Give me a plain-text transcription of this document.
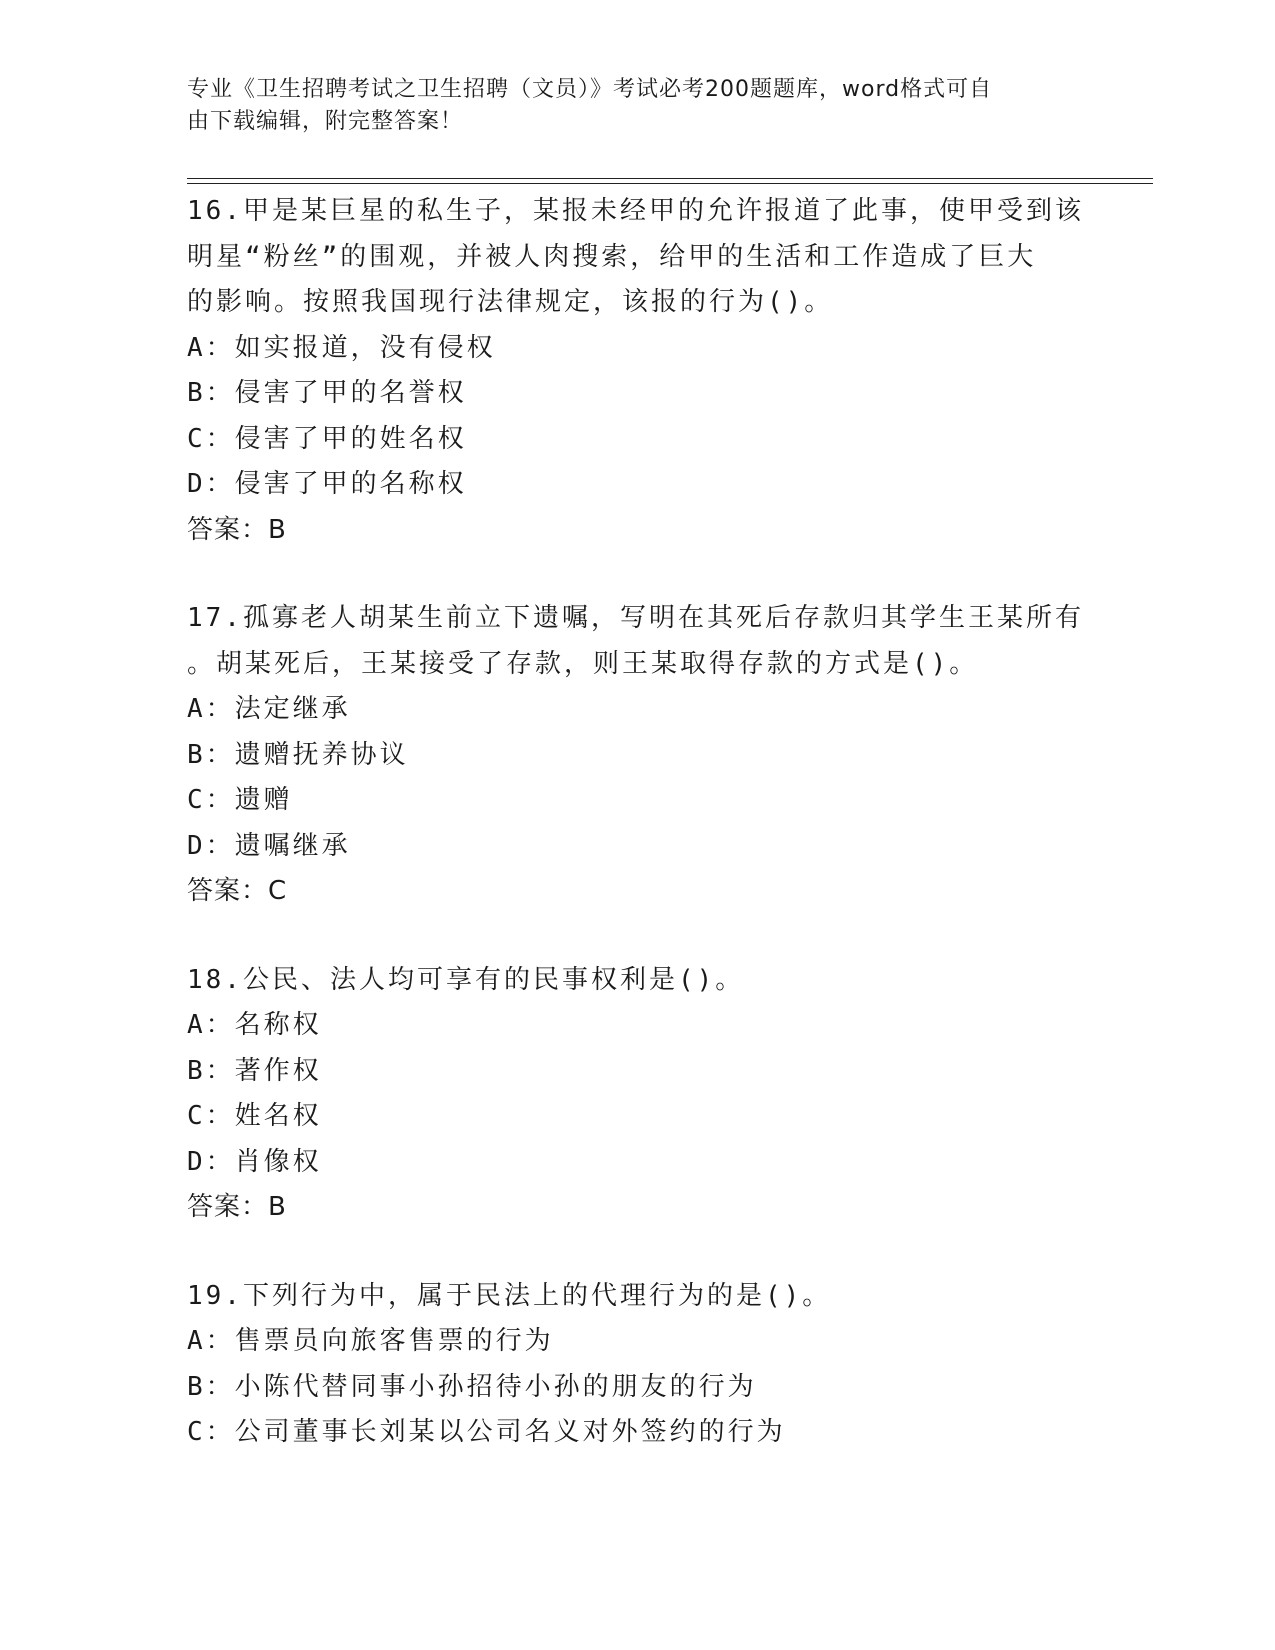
专业《卫生招聘考试之卫生招聘（文员）》考试必考200题题库，word格式可自
由下载编辑，附完整答案！
16.甲是某巨星的私生子，某报未经甲的允许报道了此事，使甲受到该
明星“粉丝”的围观，并被人肉搜索，给甲的生活和工作造成了巨大
的影响。按照我国现行法律规定，该报的行为()。
A：如实报道，没有侵权
B：侵害了甲的名誉权
C：侵害了甲的姓名权
D：侵害了甲的名称权
答案：B
17.孤寡老人胡某生前立下遗嘱，写明在其死后存款归其学生王某所有
。胡某死后，王某接受了存款，则王某取得存款的方式是()。
A：法定继承
B：遗赠抚养协议
C：遗赠
D：遗嘱继承
答案：C
18.公民、法人均可享有的民事权利是()。
A：名称权
B：著作权
C：姓名权
D：肖像权
答案：B
19.下列行为中，属于民法上的代理行为的是()。
A：售票员向旅客售票的行为
B：小陈代替同事小孙招待小孙的朋友的行为
C：公司董事长刘某以公司名义对外签约的行为
